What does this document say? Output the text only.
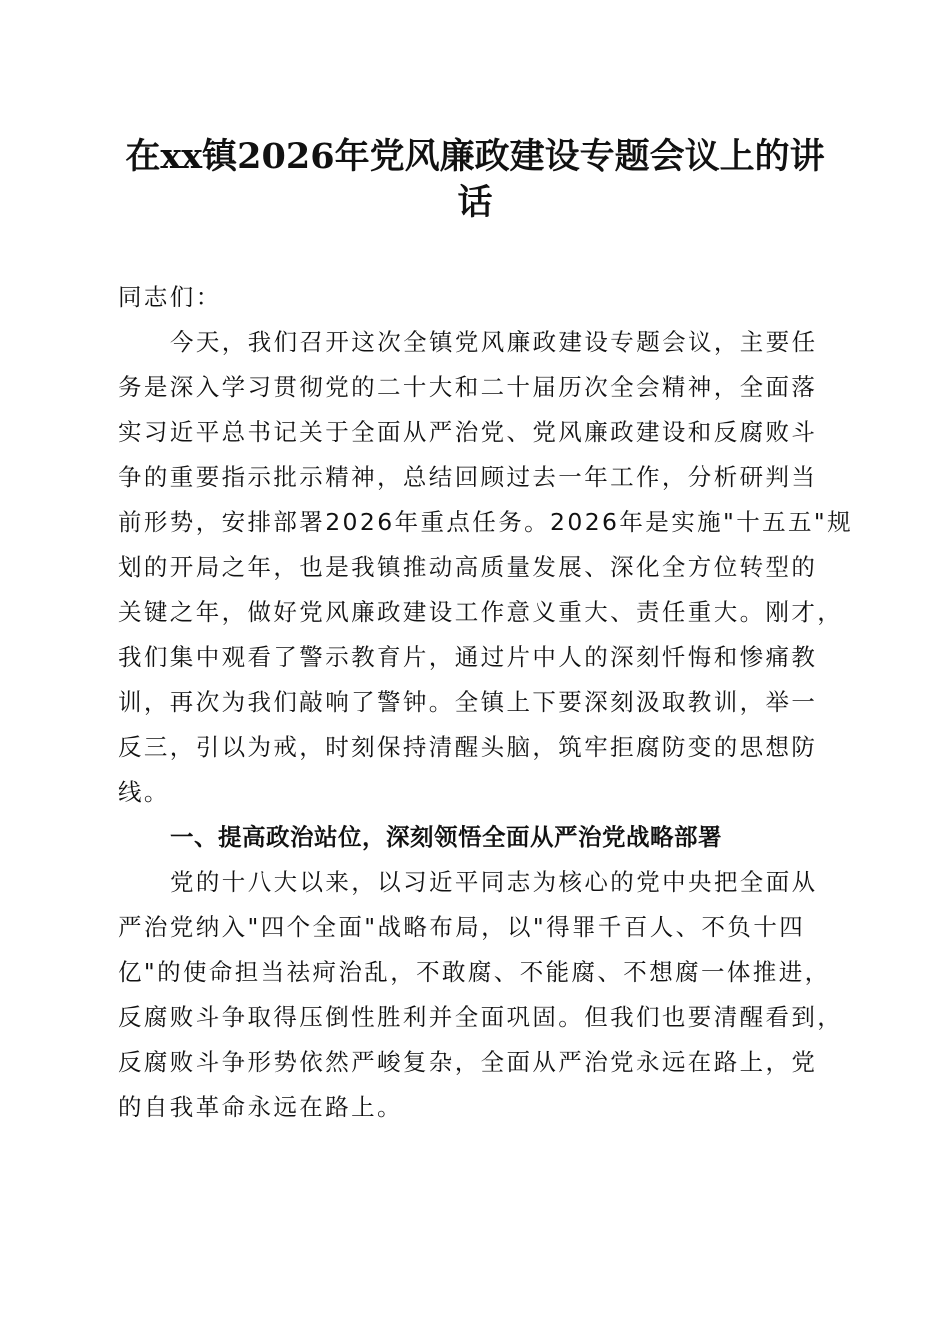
在xx镇2026年党风廉政建设专题会议上的讲
话
同志们：
今天，我们召开这次全镇党风廉政建设专题会议，主要任
务是深入学习贯彻党的二十大和二十届历次全会精神，全面落
实习近平总书记关于全面从严治党、党风廉政建设和反腐败斗
争的重要指示批示精神，总结回顾过去一年工作，分析研判当
前形势，安排部署2026年重点任务。2026年是实施"十五五"规
划的开局之年，也是我镇推动高质量发展、深化全方位转型的
关键之年，做好党风廉政建设工作意义重大、责任重大。刚才，
我们集中观看了警示教育片，通过片中人的深刻忏悔和惨痛教
训，再次为我们敲响了警钟。全镇上下要深刻汲取教训，举一
反三，引以为戒，时刻保持清醒头脑，筑牢拒腐防变的思想防
线。
一、提高政治站位，深刻领悟全面从严治党战略部署
党的十八大以来，以习近平同志为核心的党中央把全面从
严治党纳入"四个全面"战略布局，以"得罪千百人、不负十四
亿"的使命担当祛疴治乱，不敢腐、不能腐、不想腐一体推进，
反腐败斗争取得压倒性胜利并全面巩固。但我们也要清醒看到，
反腐败斗争形势依然严峻复杂，全面从严治党永远在路上，党
的自我革命永远在路上。
